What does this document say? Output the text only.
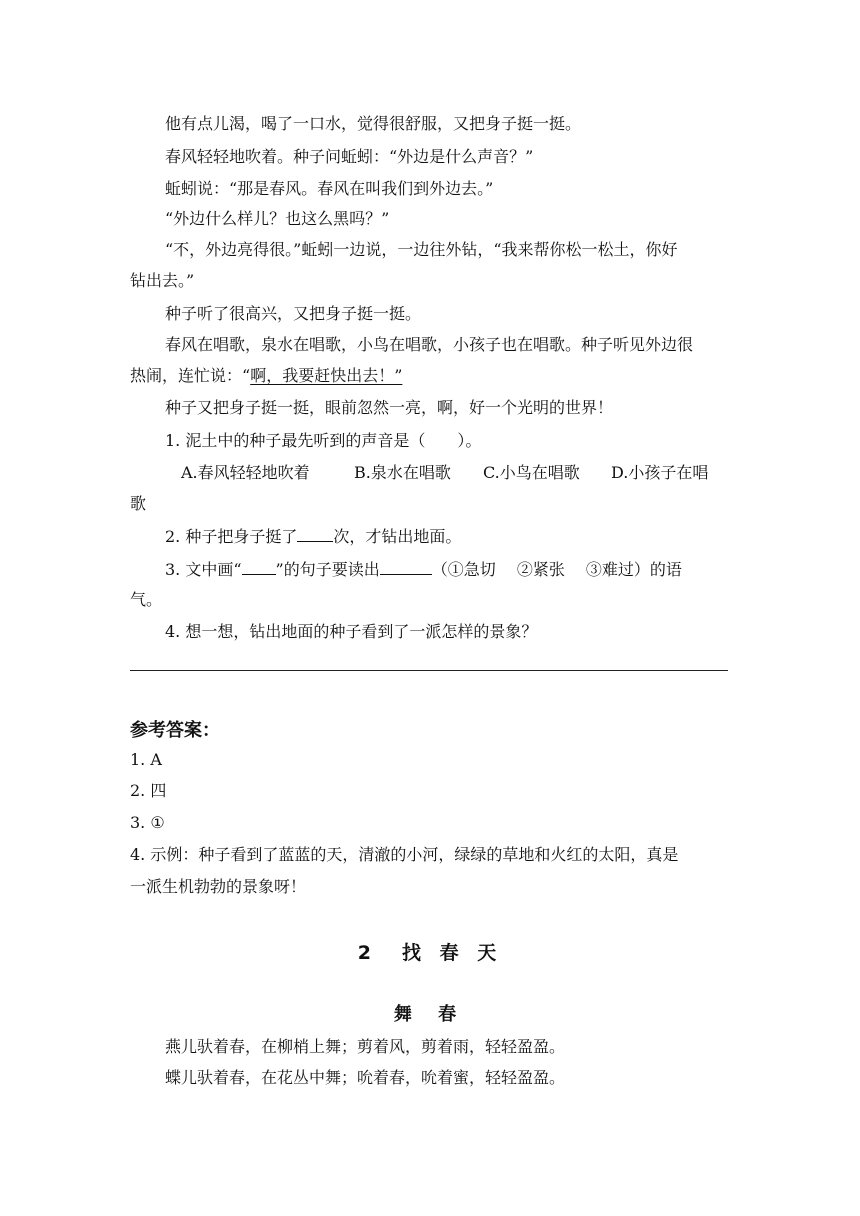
他有点儿渴，喝了一口水，觉得很舒服，又把身子挺一挺。
春风轻轻地吹着。种子问蚯蚓：“外边是什么声音？”
蚯蚓说：“那是春风。春风在叫我们到外边去。”
“外边什么样儿？也这么黑吗？”
“不，外边亮得很。”蚯蚓一边说，一边往外钻，“我来帮你松一松土，你好
钻出去。”
种子听了很高兴，又把身子挺一挺。
春风在唱歌，泉水在唱歌，小鸟在唱歌，小孩子也在唱歌。种子听见外边很
热闹，连忙说：“啊，我要赶快出去！”
种子又把身子挺一挺，眼前忽然一亮，啊，好一个光明的世界！
1. 泥土中的种子最先听到的声音是（　　）。
A.春风轻轻地吹着	B.泉水在唱歌 C.小鸟在唱歌 D.小孩子在唱
歌
2. 种子把身子挺了 次，才钻出地面。
3. 文中画“ ”的句子要读出	（①急切　 ②紧张　 ③难过）的语
气。
4. 想一想，钻出地面的种子看到了一派怎样的景象？
参考答案：
1. A
2. 四
3. ①
4. 示例：种子看到了蓝蓝的天，清澈的小河，绿绿的草地和火红的太阳，真是
一派生机勃勃的景象呀！
2　找 春 天
舞 春
燕儿驮着春，在柳梢上舞；剪着风，剪着雨，轻轻盈盈。
蝶儿驮着春，在花丛中舞；吮着春，吮着蜜，轻轻盈盈。
